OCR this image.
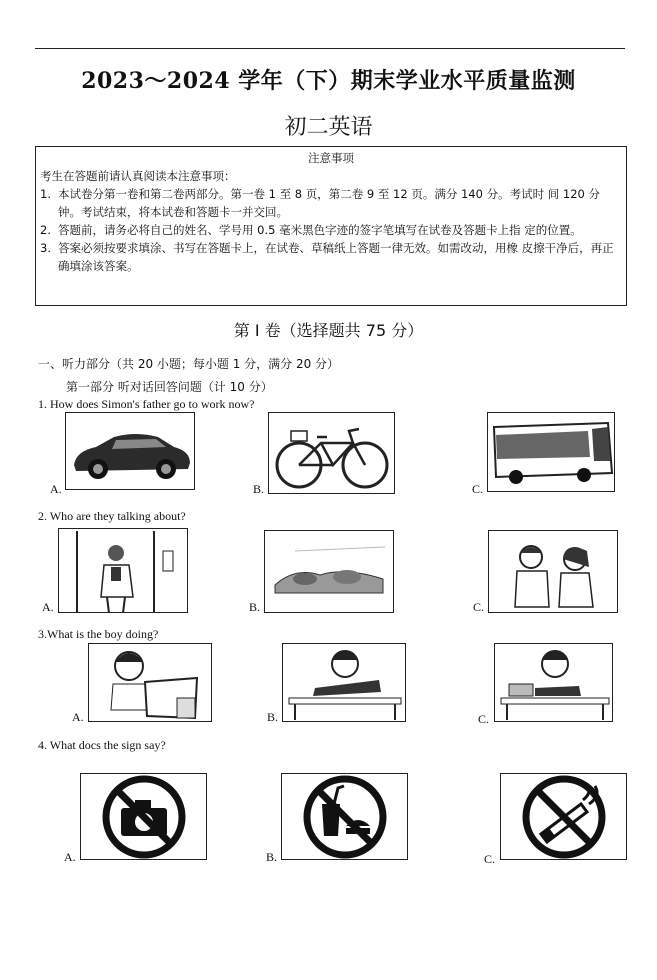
2023～2024 学年（下）期末学业水平质量监测
初二英语
注意事项
考生在答题前请认真阅读本注意事项：
1. 本试卷分第一卷和第二卷两部分。第一卷 1 至 8 页，第二卷 9 至 12 页。满分 140 分。考试时 间 120 分钟。考试结束，将本试卷和答题卡一并交回。
2. 答题前，请务必将自己的姓名、学号用 0.5 毫米黑色字迹的签字笔填写在试卷及答题卡上指 定的位置。
3. 答案必须按要求填涂、书写在答题卡上，在试卷、草稿纸上答题一律无效。如需改动，用橡 皮擦干净后，再正确填涂该答案。
第 Ⅰ 卷（选择题共 75 分）
一、听力部分（共 20 小题；每小题 1 分，满分 20 分）
第一部分 听对话回答问题（计 10 分）
1. How does Simon's father go to work now?
A.	B.	C.
2. Who are they talking about?
A.	B.	C.
3.What is the boy doing?
A.	B.	C.
4. What docs the sign say?
A.	B.	C.
